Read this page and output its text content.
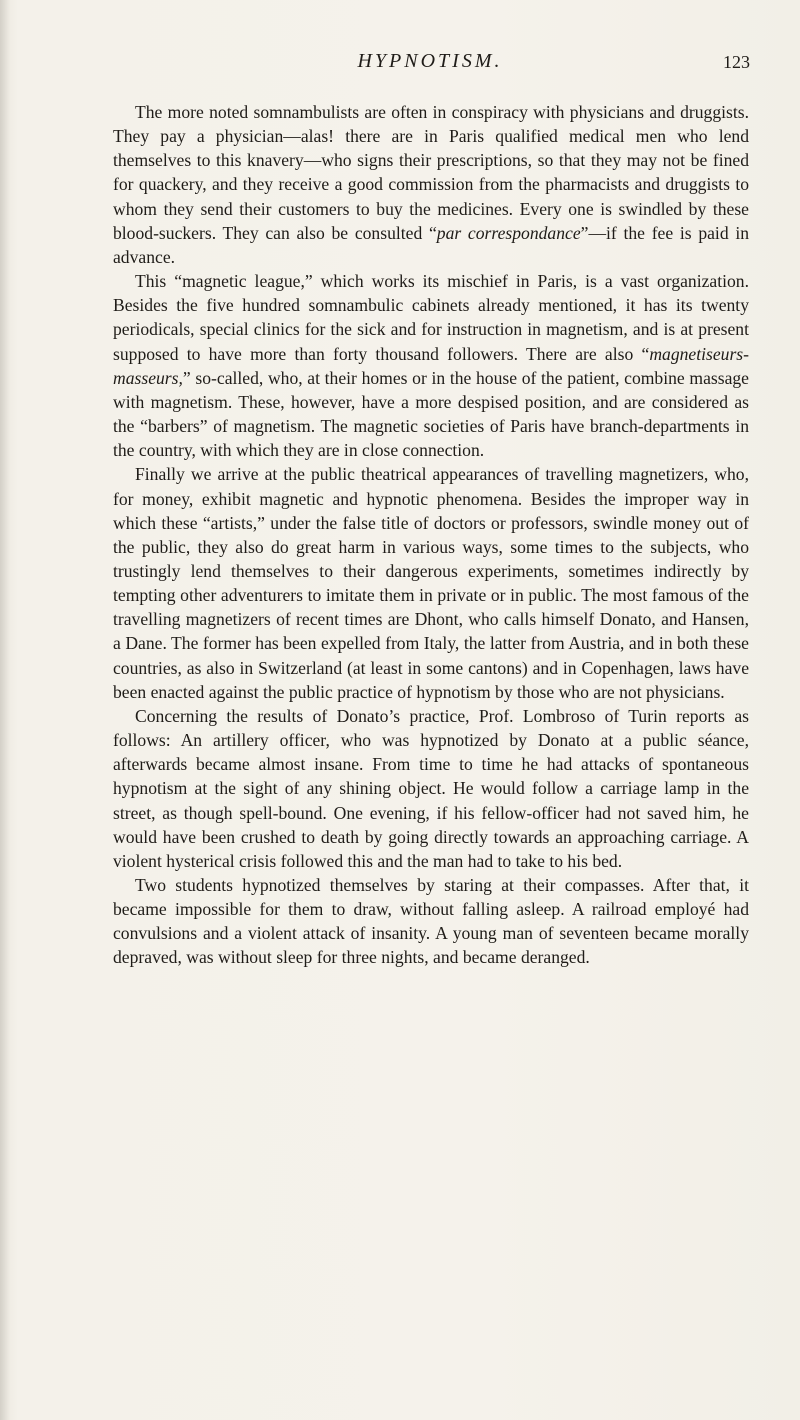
HYPNOTISM.	123

The more noted somnambulists are often in conspiracy with physicians and druggists. They pay a physician—alas! there are in Paris qualified medical men who lend themselves to this knavery—who signs their prescriptions, so that they may not be fined for quackery, and they receive a good commission from the pharmacists and druggists to whom they send their customers to buy the medicines. Every one is swindled by these blood-suckers. They can also be consulted “par correspondance”—if the fee is paid in advance.

This “magnetic league,” which works its mischief in Paris, is a vast organization. Besides the five hundred somnambulic cabinets already mentioned, it has its twenty periodicals, special clinics for the sick and for instruction in magnetism, and is at present supposed to have more than forty thousand followers. There are also “magnetiseurs-masseurs,” so-called, who, at their homes or in the house of the patient, combine massage with magnetism. These, however, have a more despised position, and are considered as the “barbers” of magnetism. The magnetic societies of Paris have branch-departments in the country, with which they are in close connection.

Finally we arrive at the public theatrical appearances of travelling magnetizers, who, for money, exhibit magnetic and hypnotic phenomena. Besides the improper way in which these “artists,” under the false title of doctors or professors, swindle money out of the public, they also do great harm in various ways, some times to the subjects, who trustingly lend themselves to their dangerous experiments, sometimes indirectly by tempting other adventurers to imitate them in private or in public. The most famous of the travelling magnetizers of recent times are Dhont, who calls himself Donato, and Hansen, a Dane. The former has been expelled from Italy, the latter from Austria, and in both these countries, as also in Switzerland (at least in some cantons) and in Copenhagen, laws have been enacted against the public practice of hypnotism by those who are not physicians.

Concerning the results of Donato’s practice, Prof. Lombroso of Turin reports as follows: An artillery officer, who was hypnotized by Donato at a public séance, afterwards became almost insane. From time to time he had attacks of spontaneous hypnotism at the sight of any shining object. He would follow a carriage lamp in the street, as though spell-bound. One evening, if his fellow-officer had not saved him, he would have been crushed to death by going directly towards an approaching carriage. A violent hysterical crisis followed this and the man had to take to his bed.

Two students hypnotized themselves by staring at their compasses. After that, it became impossible for them to draw, without falling asleep. A railroad employé had convulsions and a violent attack of insanity. A young man of seventeen became morally depraved, was without sleep for three nights, and became deranged.
